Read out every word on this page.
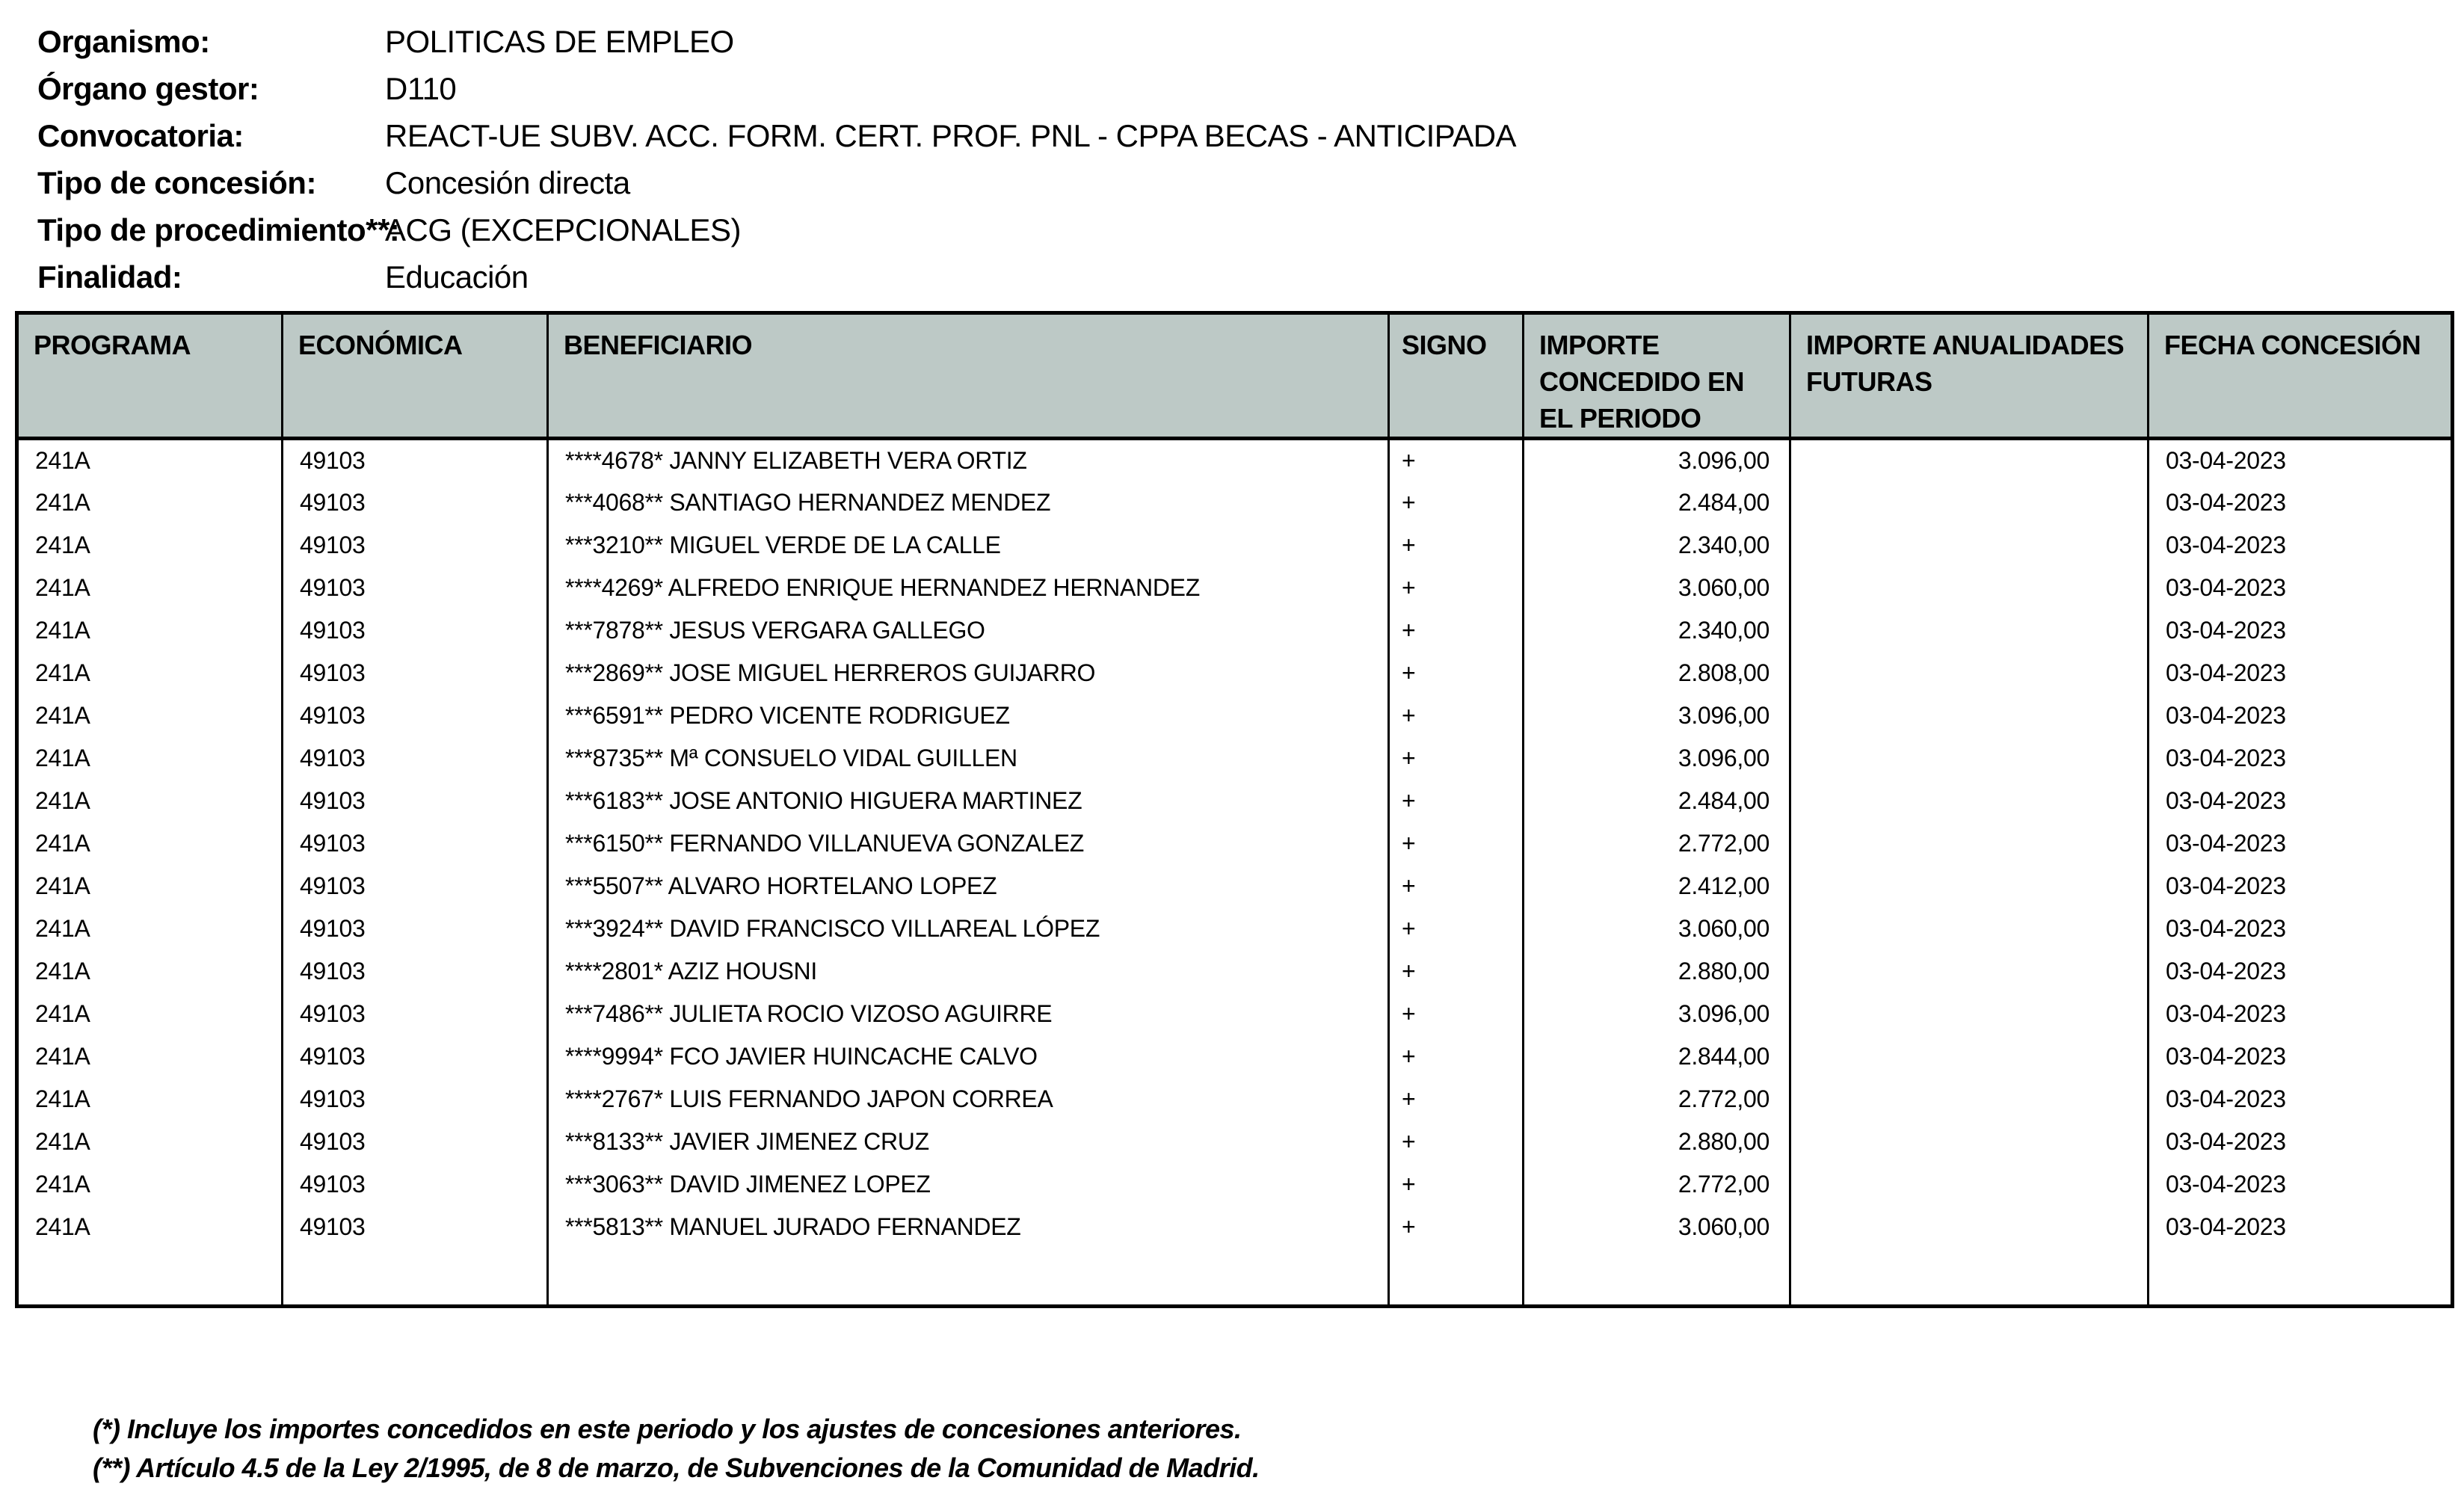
Organismo:	POLITICAS DE EMPLEO
Órgano gestor:	D110
Convocatoria:	REACT-UE SUBV. ACC. FORM. CERT. PROF. PNL - CPPA BECAS - ANTICIPADA
Tipo de concesión:	Concesión directa
Tipo de procedimiento**:
ACG (EXCEPCIONALES)
Finalidad:	Educación
PROGRAMA	ECONÓMICA	BENEFICIARIO	SIGNO	IMPORTE CONCEDIDO EN EL PERIODO	IMPORTE ANUALIDADES FUTURAS	FECHA CONCESIÓN
241A	49103	****4678* JANNY ELIZABETH VERA ORTIZ	+	3.096,00		03-04-2023
241A	49103	***4068** SANTIAGO HERNANDEZ MENDEZ	+	2.484,00		03-04-2023
241A	49103	***3210** MIGUEL VERDE DE LA CALLE	+	2.340,00		03-04-2023
241A	49103	****4269* ALFREDO ENRIQUE HERNANDEZ HERNANDEZ	+	3.060,00		03-04-2023
241A	49103	***7878** JESUS VERGARA GALLEGO	+	2.340,00		03-04-2023
241A	49103	***2869** JOSE MIGUEL HERREROS GUIJARRO	+	2.808,00		03-04-2023
241A	49103	***6591** PEDRO VICENTE RODRIGUEZ	+	3.096,00		03-04-2023
241A	49103	***8735** Mª CONSUELO VIDAL GUILLEN	+	3.096,00		03-04-2023
241A	49103	***6183** JOSE ANTONIO HIGUERA MARTINEZ	+	2.484,00		03-04-2023
241A	49103	***6150** FERNANDO VILLANUEVA GONZALEZ	+	2.772,00		03-04-2023
241A	49103	***5507** ALVARO HORTELANO LOPEZ	+	2.412,00		03-04-2023
241A	49103	***3924** DAVID FRANCISCO VILLAREAL LÓPEZ	+	3.060,00		03-04-2023
241A	49103	****2801* AZIZ HOUSNI	+	2.880,00		03-04-2023
241A	49103	***7486** JULIETA ROCIO VIZOSO AGUIRRE	+	3.096,00		03-04-2023
241A	49103	****9994* FCO JAVIER HUINCACHE CALVO	+	2.844,00		03-04-2023
241A	49103	****2767* LUIS FERNANDO JAPON CORREA	+	2.772,00		03-04-2023
241A	49103	***8133** JAVIER JIMENEZ CRUZ	+	2.880,00		03-04-2023
241A	49103	***3063** DAVID JIMENEZ LOPEZ	+	2.772,00		03-04-2023
241A	49103	***5813** MANUEL JURADO FERNANDEZ	+	3.060,00		03-04-2023

(*) Incluye los importes concedidos en este periodo y los ajustes de concesiones anteriores.

(**) Artículo 4.5 de la Ley 2/1995, de 8 de marzo, de Subvenciones de la Comunidad de Madrid.
